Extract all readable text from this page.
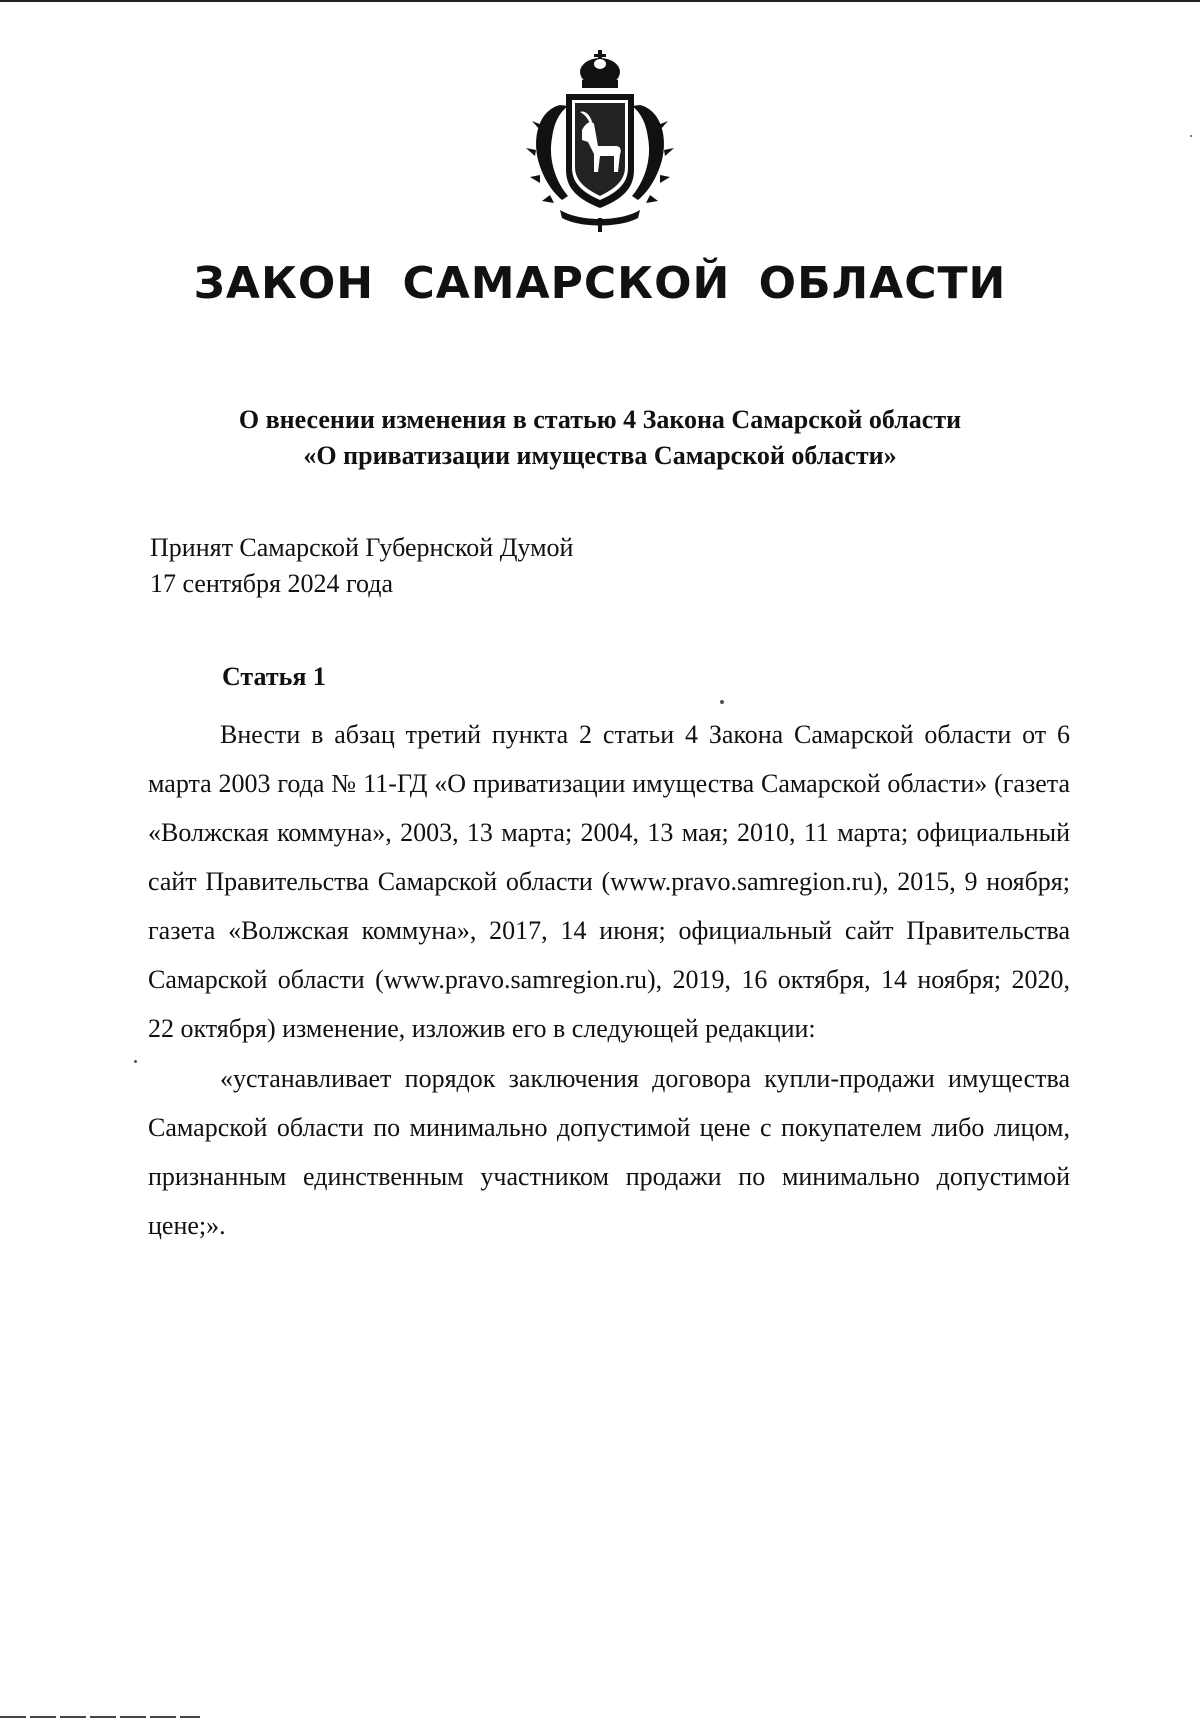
ЗАКОН САМАРСКОЙ ОБЛАСТИ
О внесении изменения в статью 4 Закона Самарской области
«О приватизации имущества Самарской области»
Принят Самарской Губернской Думой
17 сентября 2024 года
Статья 1

Внести в абзац третий пункта 2 статьи 4 Закона Самарской области от 6 марта 2003 года № 11-ГД «О приватизации имущества Самарской области» (газета «Волжская коммуна», 2003, 13 марта; 2004, 13 мая; 2010, 11 марта; официальный сайт Правительства Самарской области (www.pravo.samregion.ru), 2015, 9 ноября; газета «Волжская коммуна», 2017, 14 июня; официальный сайт Правительства Самарской области (www.pravo.samregion.ru), 2019, 16 октября, 14 ноября; 2020, 22 октября) изменение, изложив его в следующей редакции:

«устанавливает порядок заключения договора купли-продажи имущества Самарской области по минимально допустимой цене с покупателем либо лицом, признанным единственным участником продажи по минимально допустимой цене;».
